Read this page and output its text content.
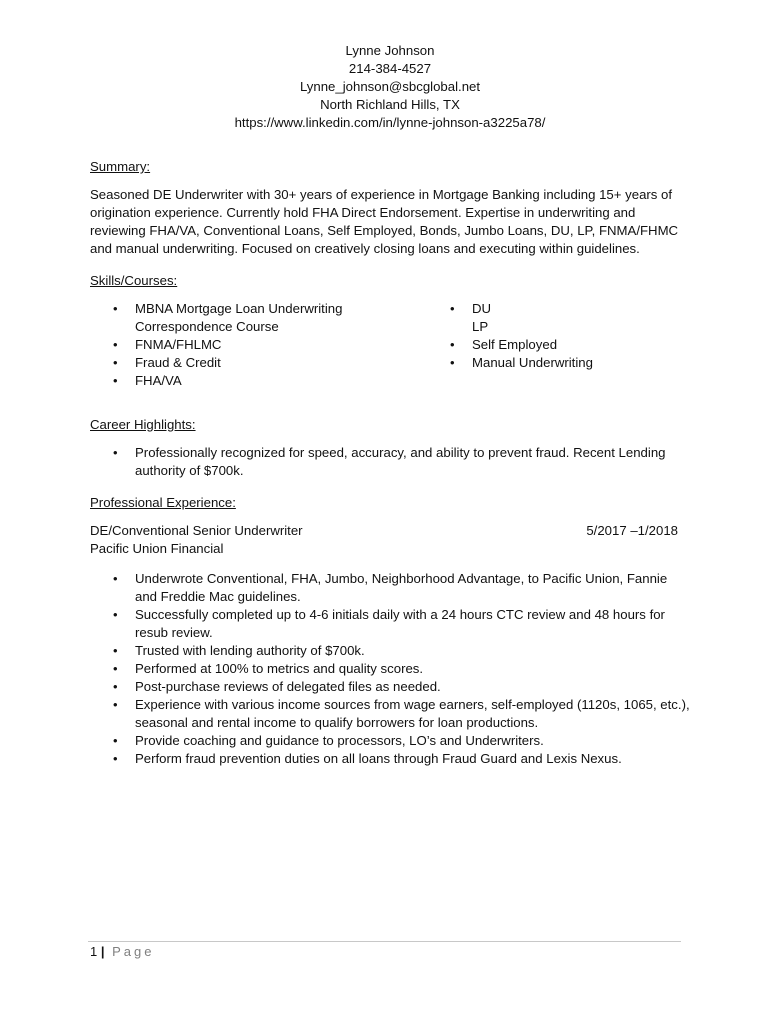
Lynne Johnson
214-384-4527
Lynne_johnson@sbcglobal.net
North Richland Hills, TX
https://www.linkedin.com/in/lynne-johnson-a3225a78/
Summary:

Seasoned DE Underwriter with 30+ years of experience in Mortgage Banking including 15+ years of origination experience. Currently hold FHA Direct Endorsement. Expertise in underwriting and reviewing FHA/VA, Conventional Loans, Self Employed, Bonds, Jumbo Loans, DU, LP, FNMA/FHMC and manual underwriting. Focused on creatively closing loans and executing within guidelines.

Skills/Courses:
• MBNA Mortgage Loan Underwriting Correspondence Course
• FNMA/FHLMC
• Fraud & Credit
• FHA/VA
• DU
LP
• Self Employed
• Manual Underwriting
Career Highlights:
• Professionally recognized for speed, accuracy, and ability to prevent fraud. Recent Lending authority of $700k.
Professional Experience:
DE/Conventional Senior Underwriter	5/2017 –1/2018
Pacific Union Financial
• Underwrote Conventional, FHA, Jumbo, Neighborhood Advantage, to Pacific Union, Fannie and Freddie Mac guidelines.
• Successfully completed up to 4-6 initials daily with a 24 hours CTC review and 48 hours for resub review.
• Trusted with lending authority of $700k.
• Performed at 100% to metrics and quality scores.
• Post-purchase reviews of delegated files as needed.
• Experience with various income sources from wage earners, self-employed (1120s, 1065, etc.), seasonal and rental income to qualify borrowers for loan productions.
• Provide coaching and guidance to processors, LO’s and Underwriters.
• Perform fraud prevention duties on all loans through Fraud Guard and Lexis Nexus.
1 | Page
